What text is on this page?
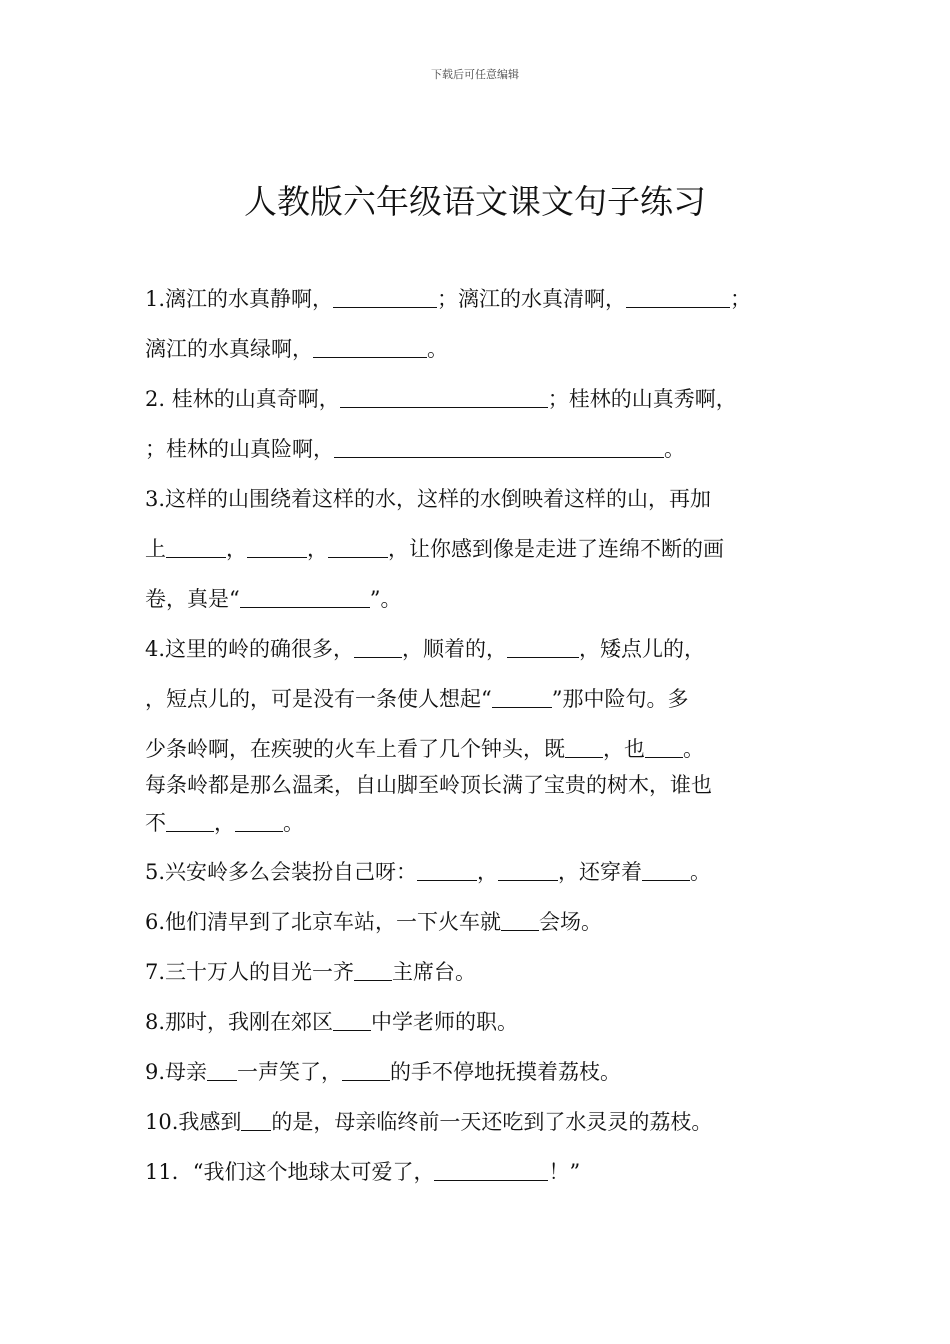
下载后可任意编辑
人教版六年级语文课文句子练习
1.漓江的水真静啊，	；漓江的水真清啊，	；
漓江的水真绿啊，	。
2. 桂林的山真奇啊，	；桂林的山真秀啊，
；桂林的山真险啊，	。
3.这样的山围绕着这样的水，这样的水倒映着这样的山，再加
上	，	，	，让你感到像是走进了连绵不断的画
卷，真是“	”。
4.这里的岭的确很多， ，顺着的，	，矮点儿的，
，短点儿的，可是没有一条使人想起“	”那中险句。多
少条岭啊，在疾驶的火车上看了几个钟头，既 ，也 。
每条岭都是那么温柔，自山脚至岭顶长满了宝贵的树木，谁也
不 ， 。
5.兴安岭多么会装扮自己呀：	，	，还穿着 。
6.他们清早到了北京车站，一下火车就 会场。
7.三十万人的目光一齐 主席台。
8.那时，我刚在郊区 中学老师的职。
9.母亲 一声笑了， 的手不停地抚摸着荔枝。
10.我感到 的是，母亲临终前一天还吃到了水灵灵的荔枝。
11．“我们这个地球太可爱了，	！”
